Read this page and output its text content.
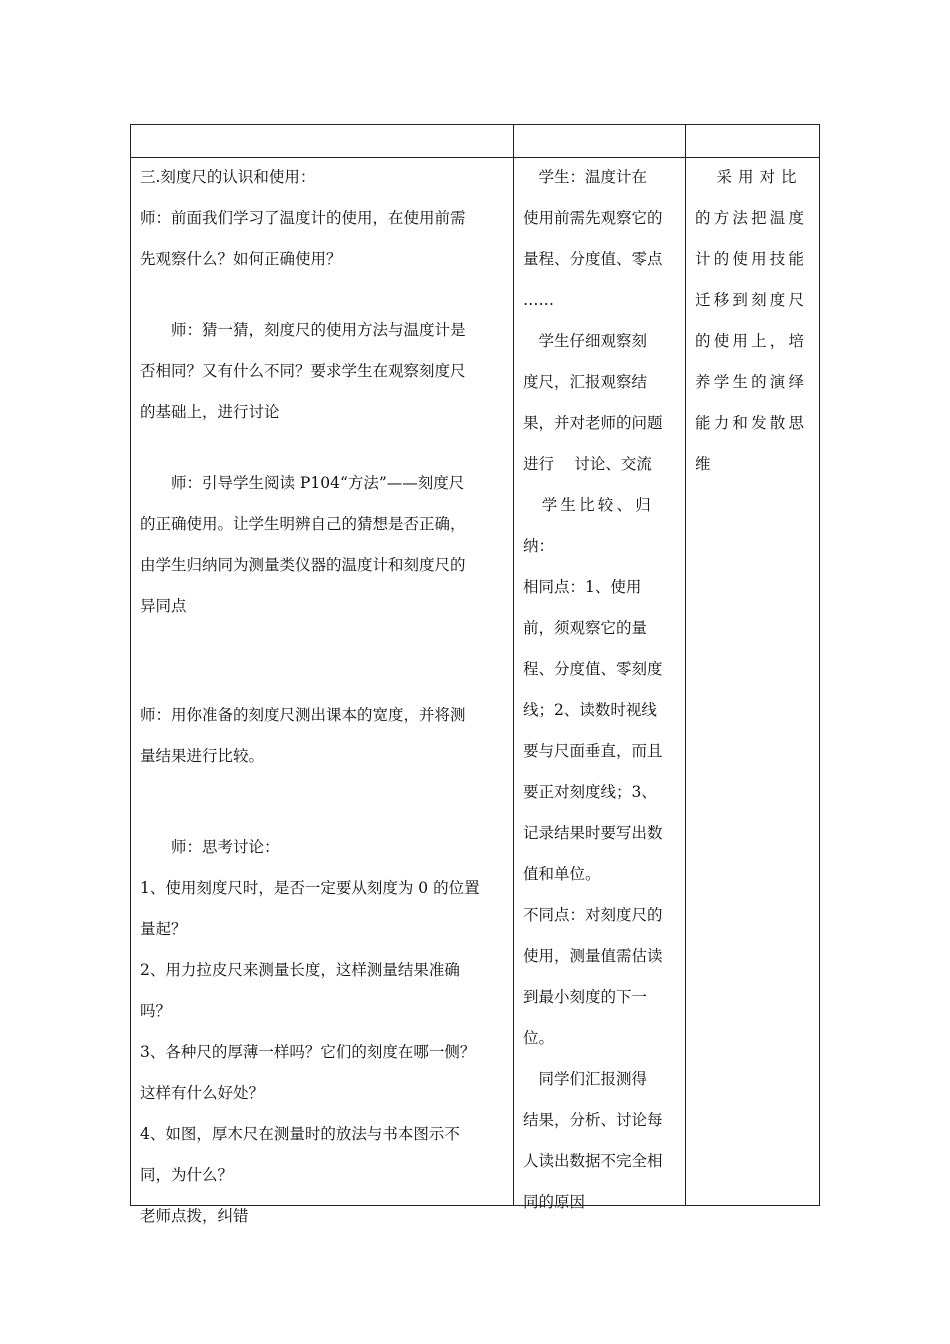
三.刻度尺的认识和使用：

师：前面我们学习了温度计的使用，在使用前需

先观察什么？如何正确使用？

　　师：猜一猜，刻度尺的使用方法与温度计是

否相同？又有什么不同？要求学生在观察刻度尺

的基础上，进行讨论

　　师：引导学生阅读 P104“方法”——刻度尺

的正确使用。让学生明辨自己的猜想是否正确，

由学生归纳同为测量类仪器的温度计和刻度尺的

异同点

师：用你准备的刻度尺测出课本的宽度，并将测

量结果进行比较。

　　师：思考讨论：

1、使用刻度尺时，是否一定要从刻度为 0 的位置

量起？

2、用力拉皮尺来测量长度，这样测量结果准确

吗？

3、各种尺的厚薄一样吗？它们的刻度在哪一侧？

这样有什么好处？

4、如图，厚木尺在测量时的放法与书本图示不

同，为什么？

老师点拨，纠错

　学生：温度计在

使用前需先观察它的

量程、分度值、零点

……

　学生仔细观察刻

度尺，汇报观察结

果，并对老师的问题

进行　 讨论、交流

　学生比较、归

纳：

相同点：1、使用

前，须观察它的量

程、分度值、零刻度

线；2、读数时视线

要与尺面垂直，而且

要正对刻度线；3、

记录结果时要写出数

值和单位。

不同点：对刻度尺的

使用，测量值需估读

到最小刻度的下一

位。

　同学们汇报测得

结果，分析、讨论每

人读出数据不完全相

同的原因

　采用对比

的方法把温度

计的使用技能

迁移到刻度尺

的使用上，培

养学生的演绎

能力和发散思

维
